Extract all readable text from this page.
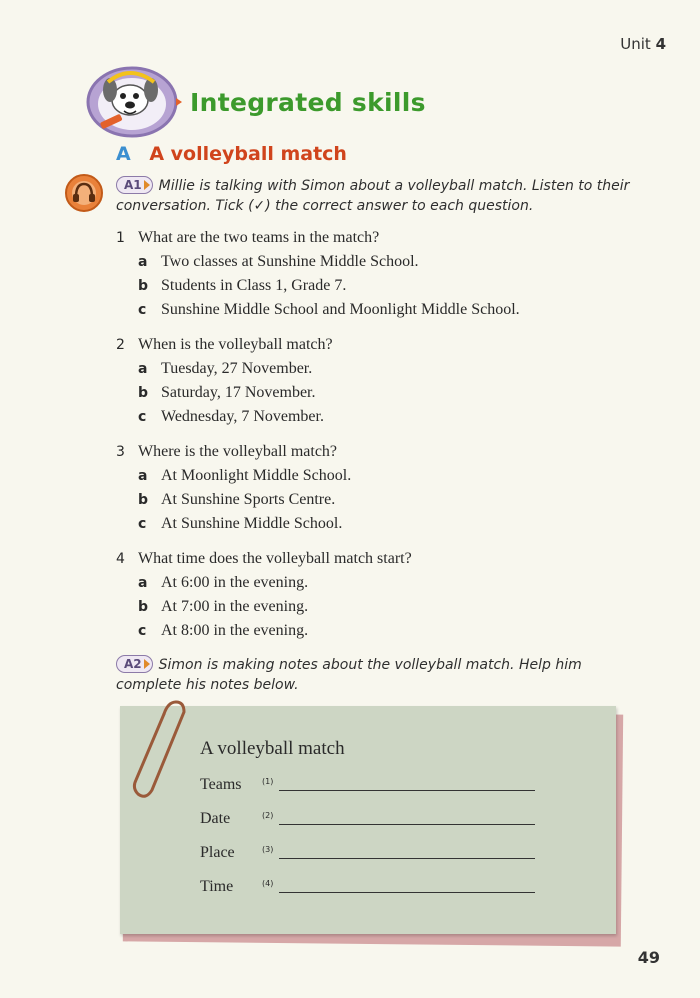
Unit 4
Integrated skills
A A volleyball match
A1 Millie is talking with Simon about a volleyball match. Listen to their conversation. Tick (✓) the correct answer to each question.
1 What are the two teams in the match?
a Two classes at Sunshine Middle School.
b Students in Class 1, Grade 7.
c Sunshine Middle School and Moonlight Middle School.
2 When is the volleyball match?
a Tuesday, 27 November.
b Saturday, 17 November.
c Wednesday, 7 November.
3 Where is the volleyball match?
a At Moonlight Middle School.
b At Sunshine Sports Centre.
c At Sunshine Middle School.
4 What time does the volleyball match start?
a At 6:00 in the evening.
b At 7:00 in the evening.
c At 8:00 in the evening.
A2 Simon is making notes about the volleyball match. Help him complete his notes below.
A volleyball match
Teams	$^{(1)}$
Date	$^{(2)}$
Place	$^{(3)}$
Time	$^{(4)}$
49
